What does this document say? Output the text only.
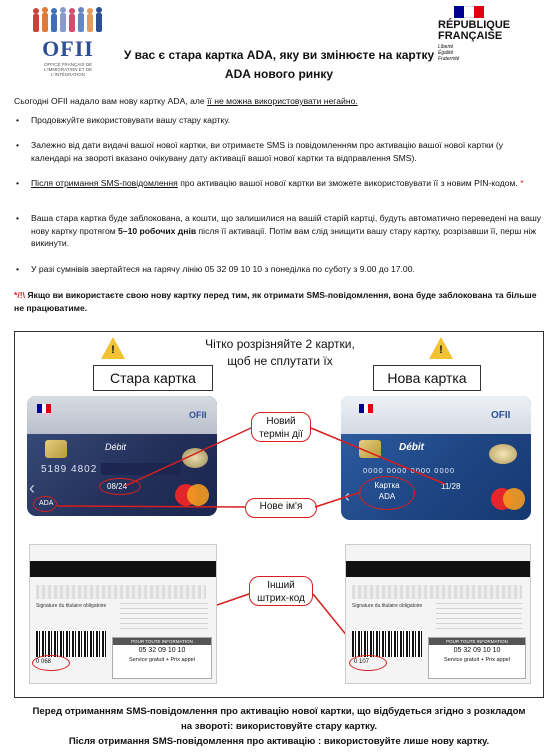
OFII
OFFICE FRANÇAIS DE L'IMMIGRATION ET DE L'INTÉGRATION
У вас є стара картка ADA, яку ви змінюєте на картку
ADA нового ринку
RÉPUBLIQUE
FRANÇAISE
Liberté
Égalité
Fraternité
Сьогодні OFII надало вам нову картку ADA, але її не можна використовувати негайно.
• Продовжуйте використовувати вашу стару картку.
• Залежно від дати видачі вашої нової картки, ви отримаєте SMS із повідомленням про активацію вашої нової картки (у календарі на звороті вказано очікувану дату активації вашої нової картки та відправлення SMS).
• Після отримання SMS-повідомлення про активацію вашої нової картки ви зможете використовувати її з новим PIN-кодом. *
• Ваша стара картка буде заблокована, а кошти, що залишилися на вашій старій картці, будуть автоматично переведені на вашу нову картку протягом 5–10 робочих днів після її активації. Потім вам слід знищити вашу стару картку, розрізавши її, перш ніж викинути.
• У разі сумнівів звертайтеся на гарячу лінію 05 32 09 10 10 з понеділка по суботу з 9.00 до 17.00.
*/!\ Якщо ви використаєте свою нову картку перед тим, як отримати SMS-повідомлення, вона буде заблокована та більше не працюватиме.
!	!
Чітко розрізняйте 2 картки,
щоб не сплутати їх
Стара картка	Нова картка
OFII
Débit
5189 4802
08/24
ADA
‹
OFII
Débit
0000 0000 0000 0000
11/28
Картка
ADA
‹
Новий
термін дії
Нове ім'я
Інший
штрих-код
Signature du titulaire obligatoire
0 068
POUR TOUTE INFORMATION
05 32 09 10 10
Service gratuit + Prix appel
Signature du titulaire obligatoire
0 107
POUR TOUTE INFORMATION
05 32 09 10 10
Service gratuit + Prix appel
Перед отриманням SMS-повідомлення про активацію нової картки, що відбудеться згідно з розкладом
на звороті: використовуйте стару картку.
Після отримання SMS-повідомлення про активацію : використовуйте лише нову картку.
